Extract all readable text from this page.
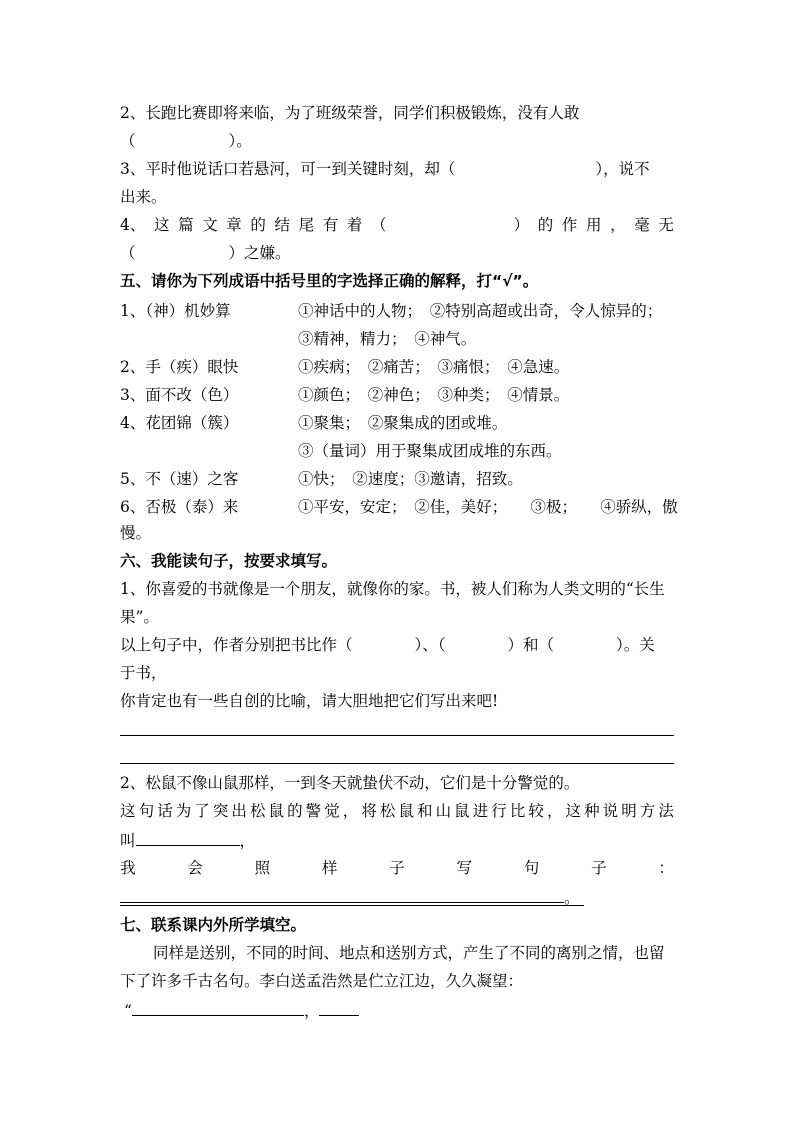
2、长跑比赛即将来临，为了班级荣誉，同学们积极锻炼，没有人敢
（　　　　　　）。
3、平时他说话口若悬河，可一到关键时刻，却（	），说不
出来。
4、 这 篇 文 章 的 结 尾 有 着 （	） 的 作 用 ， 毫 无
（　　　　　　）之嫌。
五、请你为下列成语中括号里的字选择正确的解释，打“√”。
1、（神）机妙算	①神话中的人物；　②特别高超或出奇，令人惊异的；
③精神，精力；　④神气。
2、手（疾）眼快	①疾病；　②痛苦；　③痛恨；　④急速。
3、面不改（色）	①颜色；　②神色；　③种类；　④情景。
4、花团锦（簇）	①聚集；　②聚集成的团或堆。
③（量词）用于聚集成团成堆的东西。
5、不（速）之客	①快；　②速度；③邀请，招致。
6、否极（泰）来	①平安，安定；　②佳，美好；　　③极；　　④骄纵，傲
慢。
六、我能读句子，按要求填写。
1、你喜爱的书就像是一个朋友，就像你的家。书，被人们称为人类文明的“长生
果”。
以上句子中，作者分别把书比作（　　　　）、（　　　　）和（　　　　）。关
于书，
你肯定也有一些自创的比喻，请大胆地把它们写出来吧!
2、松鼠不像山鼠那样，一到冬天就蛰伏不动，它们是十分警觉的。
这 句 话 为 了 突 出 松 鼠 的 警 觉 ， 将 松 鼠 和 山 鼠 进 行 比 较 ， 这 种 说 明 方 法
叫	，
我	会	照	样	子	写	句	子	：
。
七、联系课内外所学填空。
同样是送别，不同的时间、地点和送别方式，产生了不同的离别之情，也留
下了许多千古名句。李白送孟浩然是伫立江边，久久凝望：
“	，
